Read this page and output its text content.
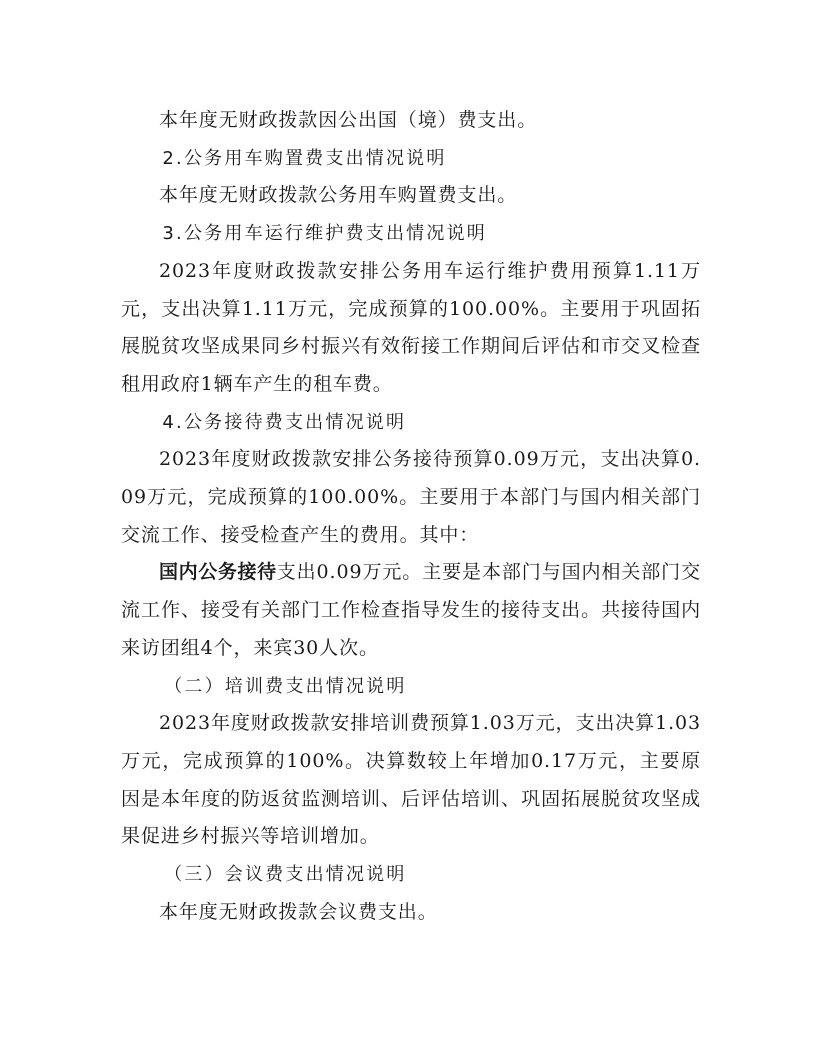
本年度无财政拨款因公出国（境）费支出。

2.公务用车购置费支出情况说明

本年度无财政拨款公务用车购置费支出。

3.公务用车运行维护费支出情况说明

2023年度财政拨款安排公务用车运行维护费用预算1.11万元，支出决算1.11万元，完成预算的100.00%。主要用于巩固拓展脱贫攻坚成果同乡村振兴有效衔接工作期间后评估和市交叉检查租用政府1辆车产生的租车费。

4.公务接待费支出情况说明

2023年度财政拨款安排公务接待预算0.09万元，支出决算0.09万元，完成预算的100.00%。主要用于本部门与国内相关部门交流工作、接受检查产生的费用。其中：

国内公务接待支出0.09万元。主要是本部门与国内相关部门交流工作、接受有关部门工作检查指导发生的接待支出。共接待国内来访团组4个，来宾30人次。

（二）培训费支出情况说明

2023年度财政拨款安排培训费预算1.03万元，支出决算1.03万元，完成预算的100%。决算数较上年增加0.17万元，主要原因是本年度的防返贫监测培训、后评估培训、巩固拓展脱贫攻坚成果促进乡村振兴等培训增加。

（三）会议费支出情况说明

本年度无财政拨款会议费支出。
